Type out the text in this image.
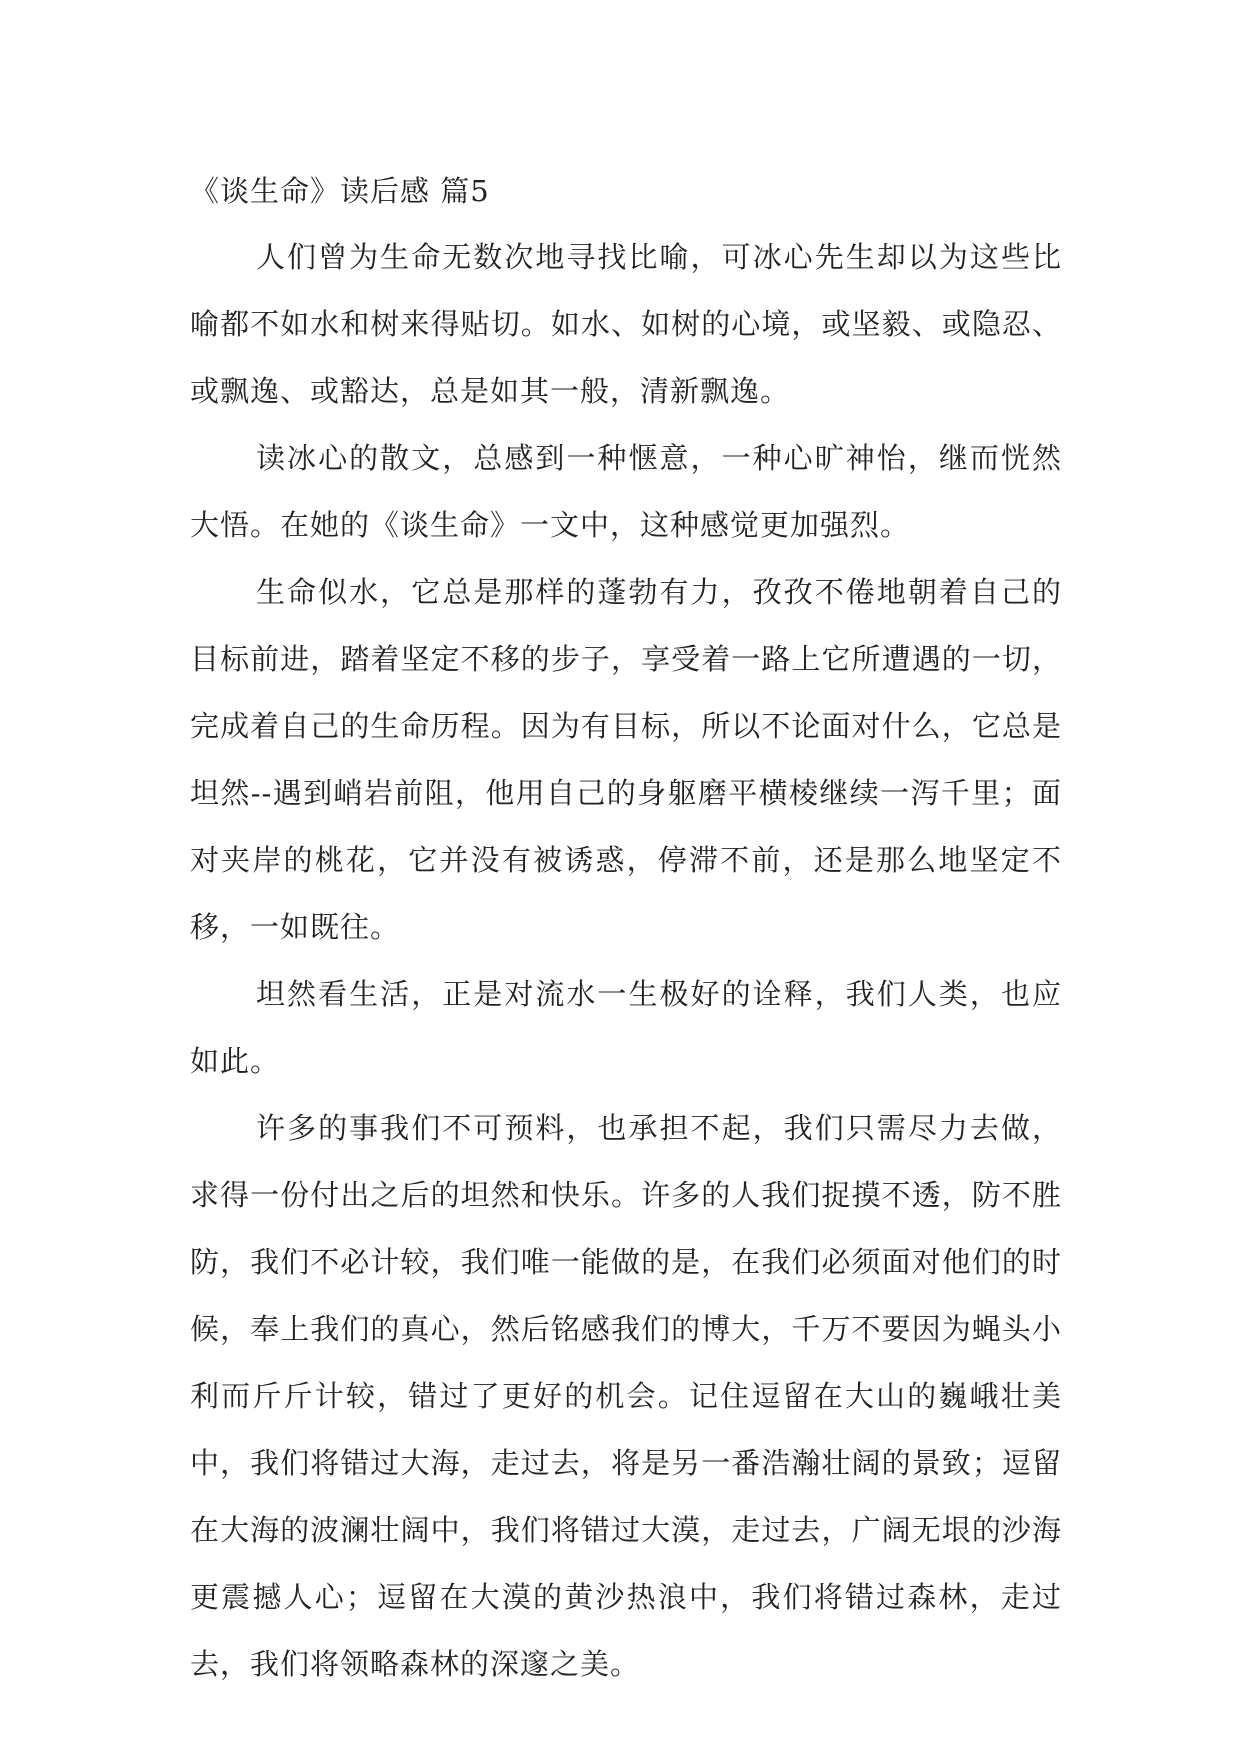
《谈生命》读后感 篇5

人们曾为生命无数次地寻找比喻，可冰心先生却以为这些比喻都不如水和树来得贴切。如水、如树的心境，或坚毅、或隐忍、或飘逸、或豁达，总是如其一般，清新飘逸。

读冰心的散文，总感到一种惬意，一种心旷神怡，继而恍然大悟。在她的《谈生命》一文中，这种感觉更加强烈。

生命似水，它总是那样的蓬勃有力，孜孜不倦地朝着自己的目标前进，踏着坚定不移的步子，享受着一路上它所遭遇的一切，完成着自己的生命历程。因为有目标，所以不论面对什么，它总是坦然--遇到峭岩前阻，他用自己的身躯磨平横棱继续一泻千里；面对夹岸的桃花，它并没有被诱惑，停滞不前，还是那么地坚定不移，一如既往。

坦然看生活，正是对流水一生极好的诠释，我们人类，也应如此。

许多的事我们不可预料，也承担不起，我们只需尽力去做，求得一份付出之后的坦然和快乐。许多的人我们捉摸不透，防不胜防，我们不必计较，我们唯一能做的是，在我们必须面对他们的时候，奉上我们的真心，然后铭感我们的博大，千万不要因为蝇头小利而斤斤计较，错过了更好的机会。记住逗留在大山的巍峨壮美中，我们将错过大海，走过去，将是另一番浩瀚壮阔的景致；逗留在大海的波澜壮阔中，我们将错过大漠，走过去，广阔无垠的沙海更震撼人心；逗留在大漠的黄沙热浪中，我们将错过森林，走过去，我们将领略森林的深邃之美。
